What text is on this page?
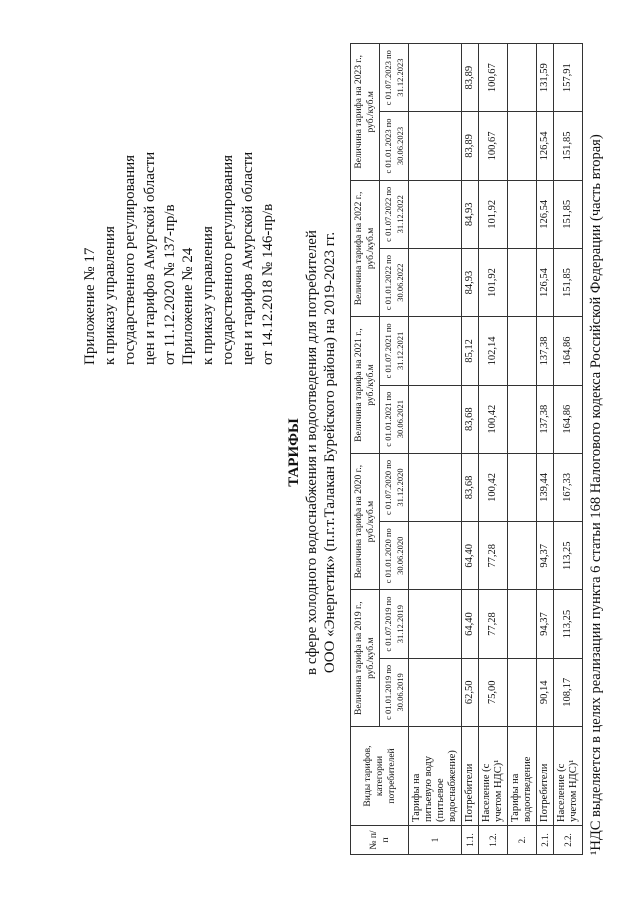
Приложение № 17 к приказу управления государственного регулирования цен и тарифов Амурской области от 11.12.2020 № 137-пр/в Приложение № 24 к приказу управления государственного регулирования цен и тарифов Амурской области от 14.12.2018 № 146-пр/в
ТАРИФЫ в сфере холодного водоснабжения и водоотведения для потребителей ООО «Энергетик» (п.г.т.Талакан Бурейского района) на 2019-2023 гг.
№ п/п	Виды тарифов, категории потребителей	Величина тарифа на 2019 г., руб./куб.м		Величина тарифа на 2020 г., руб./куб.м		Величина тарифа на 2021 г., руб./куб.м		Величина тарифа на 2022 г., руб./куб.м		Величина тарифа на 2023 г., руб./куб.м	
		с 01.01.2019 по 30.06.2019	с 01.07.2019 по 31.12.2019	с 01.01.2020 по 30.06.2020	с 01.07.2020 по 31.12.2020	с 01.01.2021 по 30.06.2021	с 01.07.2021 по 31.12.2021	с 01.01.2022 по 30.06.2022	с 01.07.2022 по 31.12.2022	с 01.01.2023 по 30.06.2023	с 01.07.2023 по 31.12.2023
1	Тарифы на питьевую воду (питьевое водоснабжение)										
1.1.	Потребители	62,50	64,40	64,40	83,68	83,68	85,12	84,93	84,93	83,89	83,89
1.2.	Население (с учетом НДС)¹	75,00	77,28	77,28	100,42	100,42	102,14	101,92	101,92	100,67	100,67
2.	Тарифы на водоотведение										
2.1.	Потребители	90,14	94,37	94,37	139,44	137,38	137,38	126,54	126,54	126,54	131,59
2.2.	Население (с учетом НДС)¹	108,17	113,25	113,25	167,33	164,86	164,86	151,85	151,85	151,85	157,91
¹НДС выделяется в целях реализации пункта 6 статьи 168 Налогового кодекса Российской Федерации (часть вторая)
